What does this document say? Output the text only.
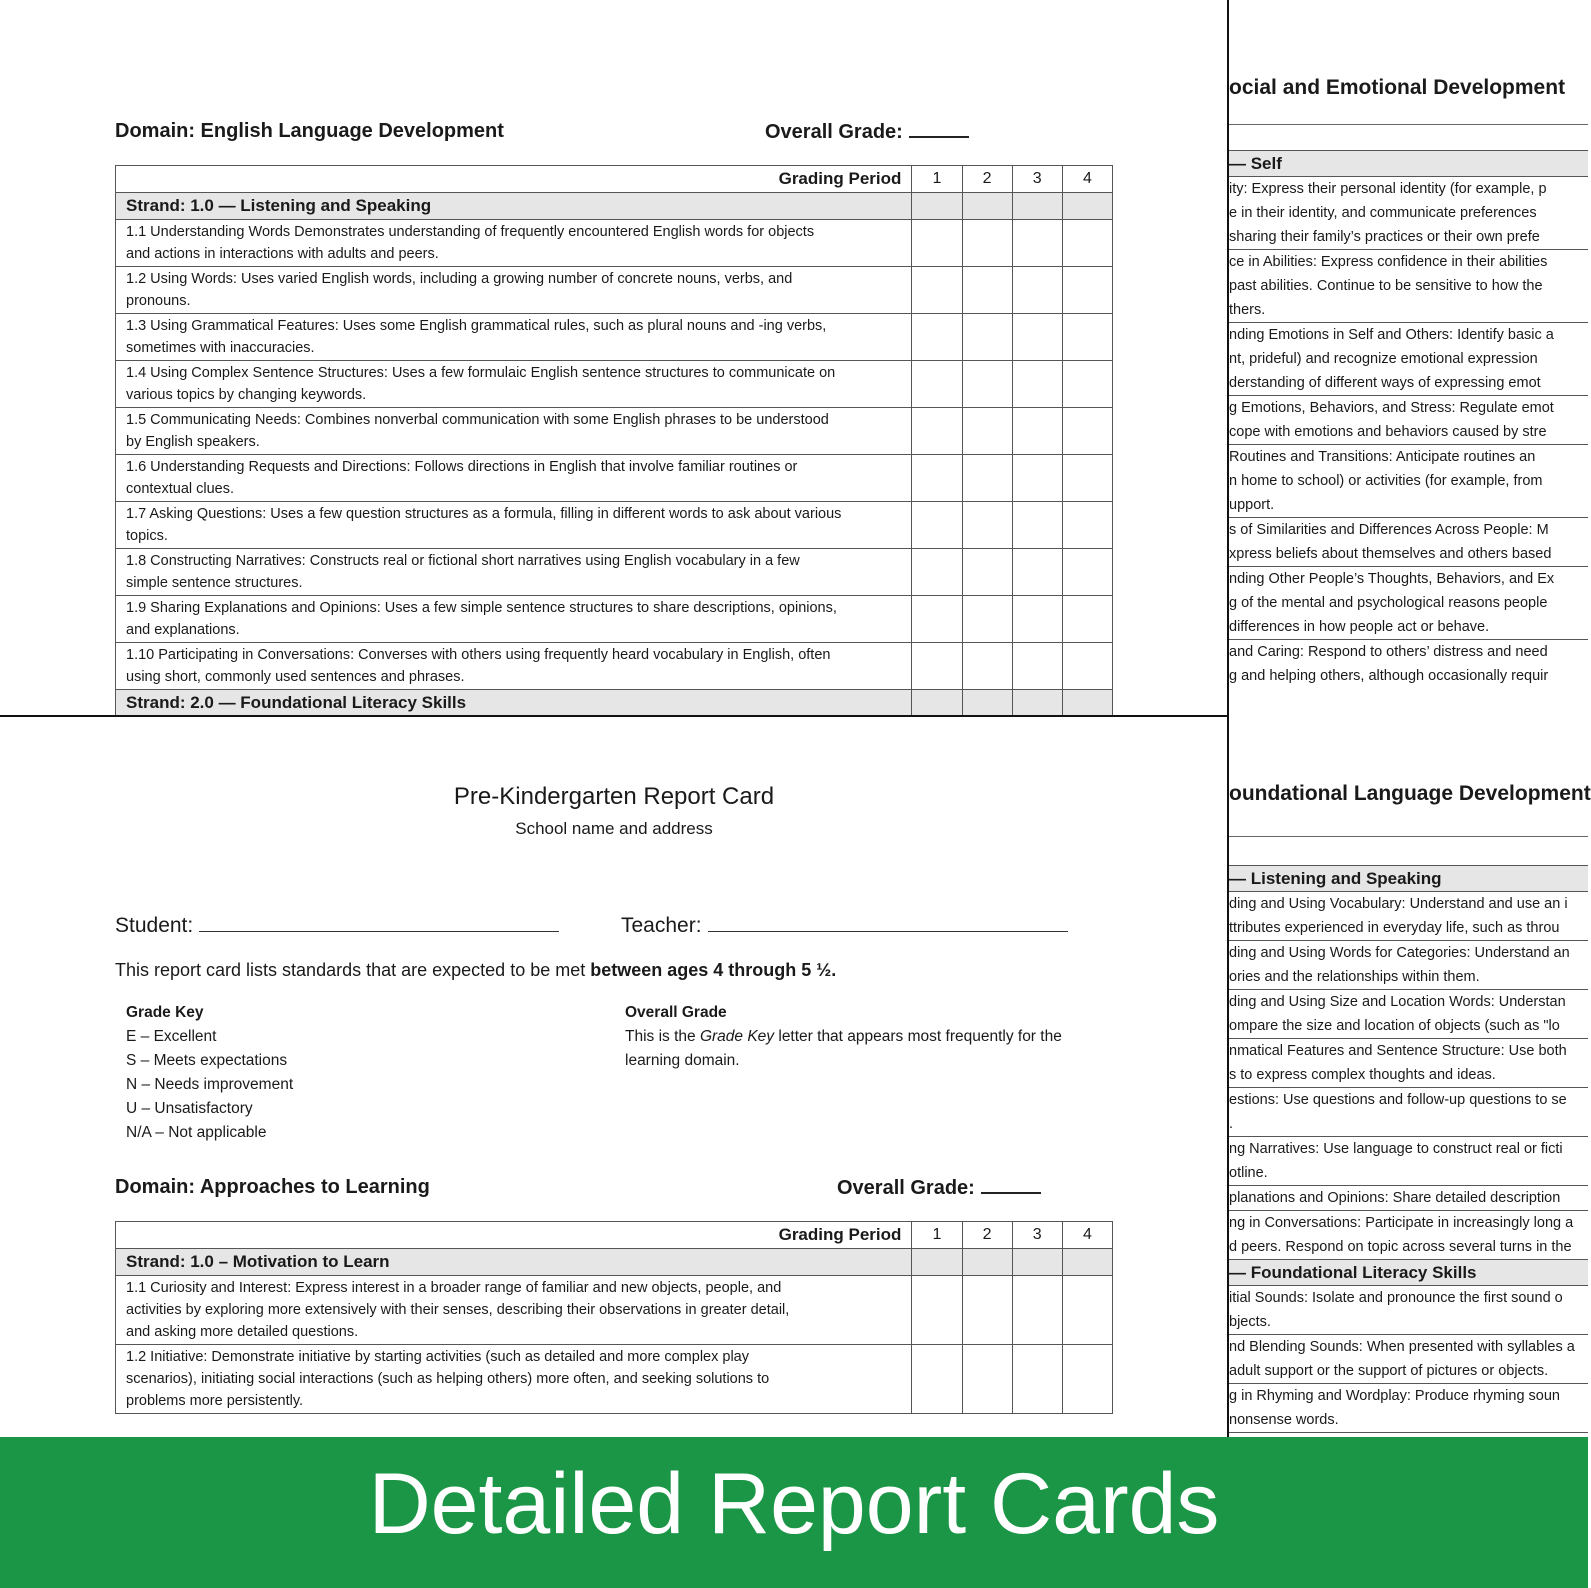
Domain: English Language Development	Overall Grade:
Grading Period	1	2	3	4
Strand: 1.0 — Listening and Speaking				

1.1 Understanding Words Demonstrates understanding of frequently encountered English words for objects
and actions in interactions with adults and peers.				

1.2 Using Words: Uses varied English words, including a growing number of concrete nouns, verbs, and
pronouns.				

1.3 Using Grammatical Features: Uses some English grammatical rules, such as plural nouns and -ing verbs,
sometimes with inaccuracies.				

1.4 Using Complex Sentence Structures: Uses a few formulaic English sentence structures to communicate on
various topics by changing keywords.				

1.5 Communicating Needs: Combines nonverbal communication with some English phrases to be understood
by English speakers.				

1.6 Understanding Requests and Directions: Follows directions in English that involve familiar routines or
contextual clues.				

1.7 Asking Questions: Uses a few question structures as a formula, filling in different words to ask about various
topics.				

1.8 Constructing Narratives: Constructs real or fictional short narratives using English vocabulary in a few
simple sentence structures.				

1.9 Sharing Explanations and Opinions: Uses a few simple sentence structures to share descriptions, opinions,
and explanations.				

1.10 Participating in Conversations: Converses with others using frequently heard vocabulary in English, often
using short, commonly used sentences and phrases.				

Strand: 2.0 — Foundational Literacy Skills				

ocial and Emotional Development
— Self
ity: Express their personal identity (for example, p
e in their identity, and communicate preferences
sharing their family’s practices or their own prefe
ce in Abilities: Express confidence in their abilities
past abilities. Continue to be sensitive to how the
thers.
nding Emotions in Self and Others: Identify basic a
nt, prideful) and recognize emotional expression
derstanding of different ways of expressing emot
g Emotions, Behaviors, and Stress: Regulate emot
cope with emotions and behaviors caused by stre
Routines and Transitions: Anticipate routines an
n home to school) or activities (for example, from
upport.
s of Similarities and Differences Across People: M
xpress beliefs about themselves and others based
nding Other People’s Thoughts, Behaviors, and Ex
g of the mental and psychological reasons people
differences in how people act or behave.
and Caring: Respond to others’ distress and need
g and helping others, although occasionally requir
Pre-Kindergarten Report Card
School name and address
Student:	Teacher:
This report card lists standards that are expected to be met between ages 4 through 5 ½.
Grade Key
E – Excellent
S – Meets expectations
N – Needs improvement
U – Unsatisfactory
N/A – Not applicable
Overall Grade
This is the Grade Key letter that appears most frequently for the
learning domain.
Domain: Approaches to Learning	Overall Grade:
Grading Period	1	2	3	4
Strand: 1.0 – Motivation to Learn				

1.1 Curiosity and Interest: Express interest in a broader range of familiar and new objects, people, and
activities by exploring more extensively with their senses, describing their observations in greater detail,
and asking more detailed questions.				

1.2 Initiative: Demonstrate initiative by starting activities (such as detailed and more complex play
scenarios), initiating social interactions (such as helping others) more often, and seeking solutions to
problems more persistently.				

oundational Language Development
— Listening and Speaking
ding and Using Vocabulary: Understand and use an i
ttributes experienced in everyday life, such as throu
ding and Using Words for Categories: Understand an
ories and the relationships within them.
ding and Using Size and Location Words: Understan
ompare the size and location of objects (such as "lo
nmatical Features and Sentence Structure: Use both
s to express complex thoughts and ideas.
estions: Use questions and follow-up questions to se
.
ng Narratives: Use language to construct real or ficti
otline.
planations and Opinions: Share detailed description
ng in Conversations: Participate in increasingly long a
d peers. Respond on topic across several turns in the
— Foundational Literacy Skills
itial Sounds: Isolate and pronounce the first sound o
bjects.
nd Blending Sounds: When presented with syllables a
adult support or the support of pictures or objects.
g in Rhyming and Wordplay: Produce rhyming soun
nonsense words.
Detailed Report Cards
